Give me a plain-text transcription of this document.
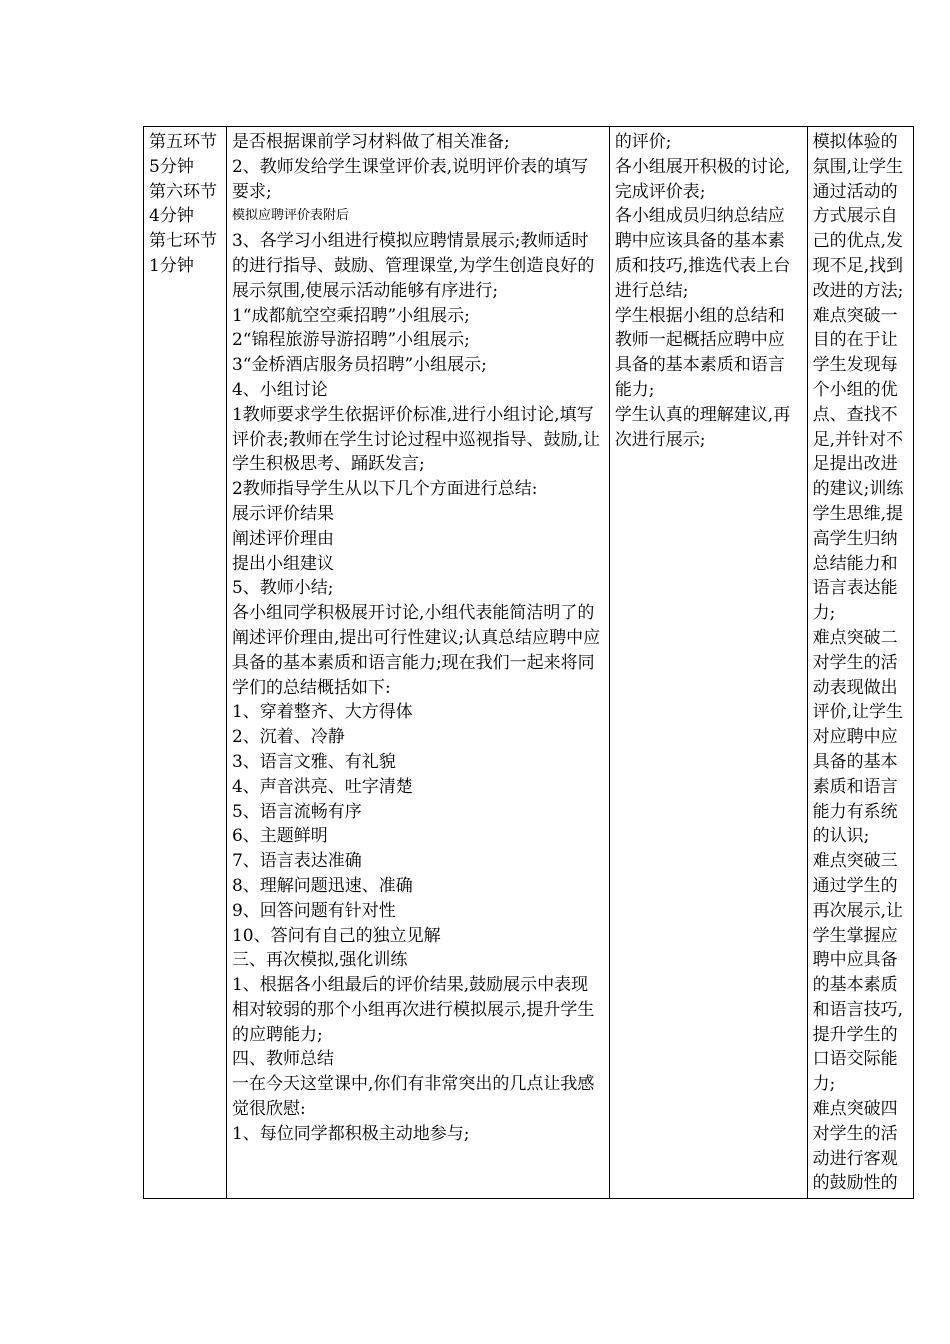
第五环节
5分钟
第六环节
4分钟
第七环节
1分钟

是否根据课前学习材料做了相关准备;
2、教师发给学生课堂评价表,说明评价表的填写要求;
模拟应聘评价表附后
3、各学习小组进行模拟应聘情景展示;教师适时的进行指导、鼓励、管理课堂,为学生创造良好的展示氛围,使展示活动能够有序进行;
1“成都航空空乘招聘”小组展示;
2“锦程旅游导游招聘”小组展示;
3“金桥酒店服务员招聘”小组展示;
4、小组讨论
1教师要求学生依据评价标准,进行小组讨论,填写评价表;教师在学生讨论过程中巡视指导、鼓励,让学生积极思考、踊跃发言;
2教师指导学生从以下几个方面进行总结:
展示评价结果
阐述评价理由
提出小组建议
5、教师小结;
各小组同学积极展开讨论,小组代表能简洁明了的阐述评价理由,提出可行性建议;认真总结应聘中应具备的基本素质和语言能力;现在我们一起来将同学们的总结概括如下:
1、穿着整齐、大方得体
2、沉着、冷静
3、语言文雅、有礼貌
4、声音洪亮、吐字清楚
5、语言流畅有序
6、主题鲜明
7、语言表达准确
8、理解问题迅速、准确
9、回答问题有针对性
10、答问有自己的独立见解
三、再次模拟,强化训练
1、根据各小组最后的评价结果,鼓励展示中表现相对较弱的那个小组再次进行模拟展示,提升学生的应聘能力;
四、教师总结
一在今天这堂课中,你们有非常突出的几点让我感觉很欣慰:
1、每位同学都积极主动地参与;

的评价;
各小组展开积极的讨论,完成评价表;
各小组成员归纳总结应聘中应该具备的基本素质和技巧,推选代表上台进行总结;
学生根据小组的总结和教师一起概括应聘中应具备的基本素质和语言能力;
学生认真的理解建议,再次进行展示;

模拟体验的氛围,让学生通过活动的方式展示自己的优点,发现不足,找到改进的方法;
难点突破一目的在于让学生发现每个小组的优点、查找不足,并针对不足提出改进的建议;训练学生思维,提高学生归纳总结能力和语言表达能力;
难点突破二对学生的活动表现做出评价,让学生对应聘中应具备的基本素质和语言能力有系统的认识;
难点突破三通过学生的再次展示,让学生掌握应聘中应具备的基本素质和语言技巧,提升学生的口语交际能力;
难点突破四对学生的活动进行客观的鼓励性的
